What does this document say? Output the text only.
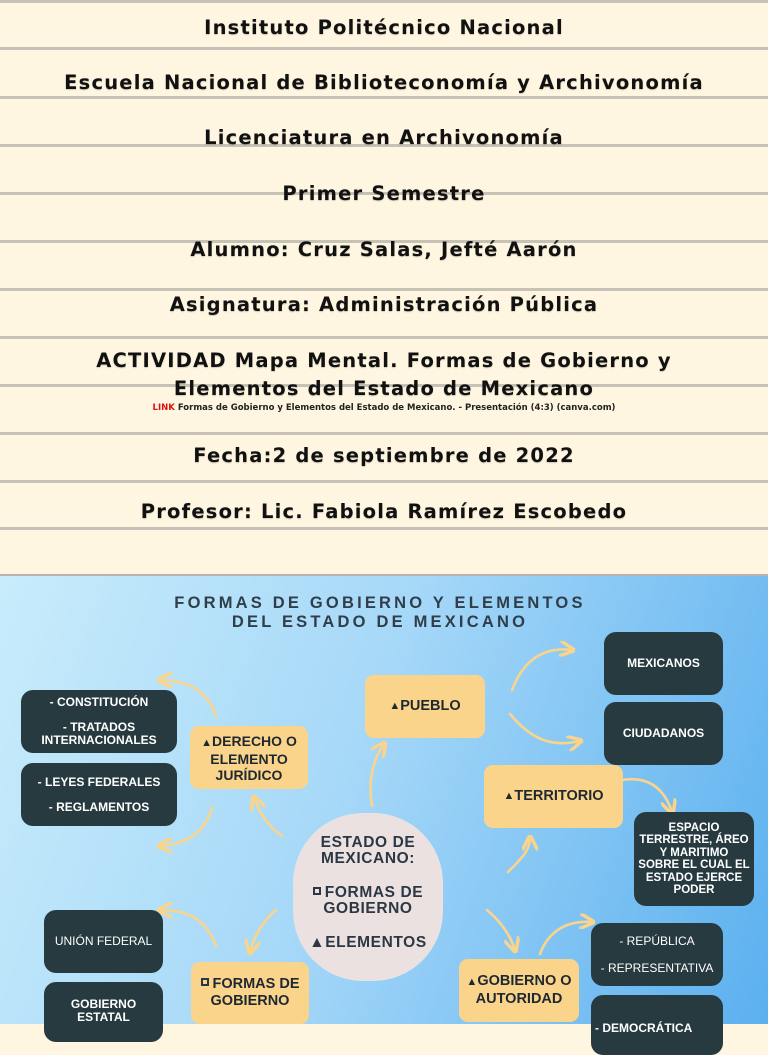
Instituto Politécnico Nacional
Escuela Nacional de Biblioteconomía y Archivonomía
Licenciatura en Archivonomía
Primer Semestre
Alumno: Cruz Salas, Jefté Aarón
Asignatura: Administración Pública
ACTIVIDAD Mapa Mental. Formas de Gobierno y
Elementos del Estado de Mexicano
LINK Formas de Gobierno y Elementos del Estado de Mexicano. - Presentación (4:3) (canva.com)
Fecha:2 de septiembre de 2022
Profesor: Lic. Fabiola Ramírez Escobedo
FORMAS DE GOBIERNO Y ELEMENTOS
DEL ESTADO DE MEXICANO
ESTADO DE MEXICANO:
FORMAS DE GOBIERNO
▲ELEMENTOS
▲ PUEBLO
MEXICANOS
CIUDADANOS
▲ TERRITORIO
ESPACIO TERRESTRE, ÁREO Y MARITIMO SOBRE EL CUAL EL ESTADO EJERCE PODER
▲GOBIERNO O AUTORIDAD
- REPÚBLICA
- REPRESENTATIVA
- DEMOCRÁTICA
▲DERECHO O ELEMENTO JURÍDICO
- CONSTITUCIÓN
- TRATADOS INTERNACIONALES
- LEYES FEDERALES
- REGLAMENTOS
FORMAS DE GOBIERNO
UNIÓN FEDERAL
GOBIERNO ESTATAL
